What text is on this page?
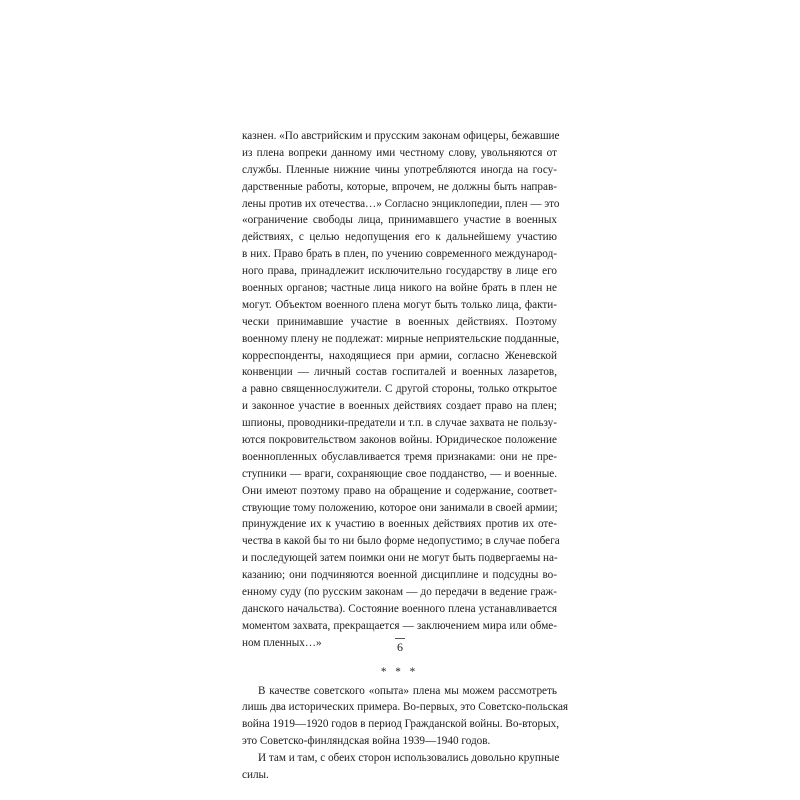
казнен. «По австрийским и прусским законам офицеры, бежавшие
из плена вопреки данному ими честному слову, увольняются от
службы. Пленные нижние чины употребляются иногда на госу-
дарственные работы, которые, впрочем, не должны быть направ-
лены против их отечества…» Согласно энциклопедии, плен — это
«ограничение свободы лица, принимавшего участие в военных
действиях, с целью недопущения его к дальнейшему участию
в них. Право брать в плен, по учению современного международ-
ного права, принадлежит исключительно государству в лице его
военных органов; частные лица никого на войне брать в плен не
могут. Объектом военного плена могут быть только лица, факти-
чески принимавшие участие в военных действиях. Поэтому
военному плену не подлежат: мирные неприятельские подданные,
корреспонденты, находящиеся при армии, согласно Женевской
конвенции — личный состав госпиталей и военных лазаретов,
а равно священнослужители. С другой стороны, только открытое
и законное участие в военных действиях создает право на плен;
шпионы, проводники-предатели и т.п. в случае захвата не пользу-
ются покровительством законов войны. Юридическое положение
военнопленных обуславливается тремя признаками: они не пре-
ступники — враги, сохраняющие свое подданство, — и военные.
Они имеют поэтому право на обращение и содержание, соответ-
ствующие тому положению, которое они занимали в своей армии;
принуждение их к участию в военных действиях против их оте-
чества в какой бы то ни было форме недопустимо; в случае побега
и последующей затем поимки они не могут быть подвергаемы на-
казанию; они подчиняются военной дисциплине и подсудны во-
енному суду (по русским законам — до передачи в ведение граж-
данского начальства). Состояние военного плена устанавливается
моментом захвата, прекращается — заключением мира или обме-
ном пленных…»
* * *
В качестве советского «опыта» плена мы можем рассмотреть
лишь два исторических примера. Во-первых, это Советско-польская
война 1919—1920 годов в период Гражданской войны. Во-вторых,
это Советско-финляндская война 1939—1940 годов.
И там и там, с обеих сторон использовались довольно крупные
силы.
6
